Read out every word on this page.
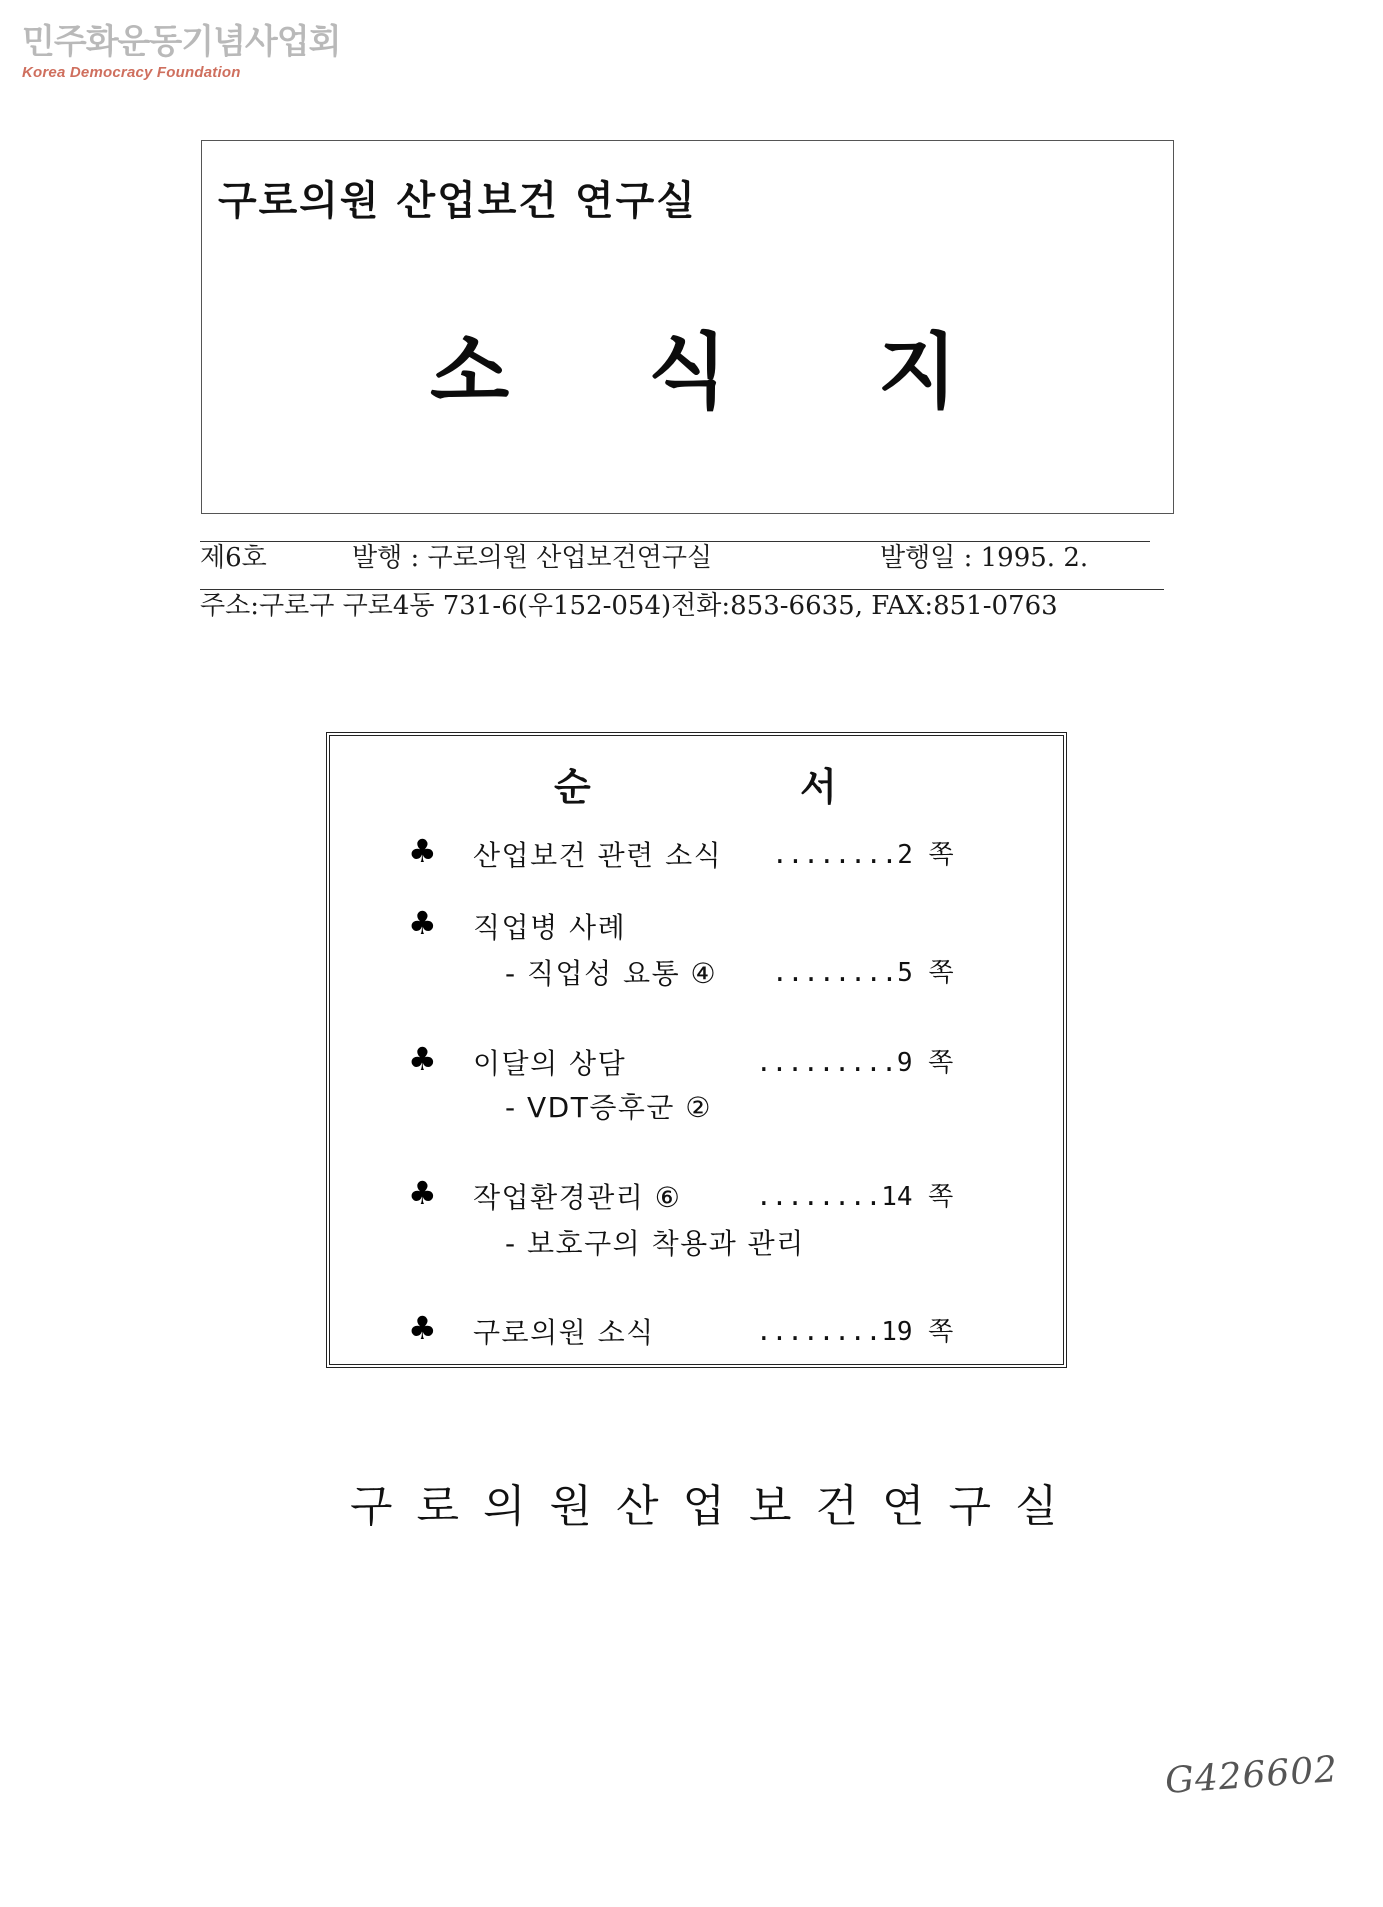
민주화운동기념사업회
Korea Democracy Foundation
구로의원 산업보건 연구실
소 식 지
제6호	발행 : 구로의원 산업보건연구실	발행일 : 1995. 2.
주소:구로구 구로4동 731-6(우152-054)전화:853-6635, FAX:851-0763
순	서
♣ 산업보건 관련 소식 ........2 쪽
♣ 직업병 사례
- 직업성 요통 ④ ........5 쪽
♣ 이달의 상담	.........9 쪽
- VDT증후군 ②
♣ 작업환경관리 ⑥	........14 쪽
- 보호구의 착용과 관리
♣ 구로의원 소식	........19 쪽
구로의원산업보건연구실
G426602
